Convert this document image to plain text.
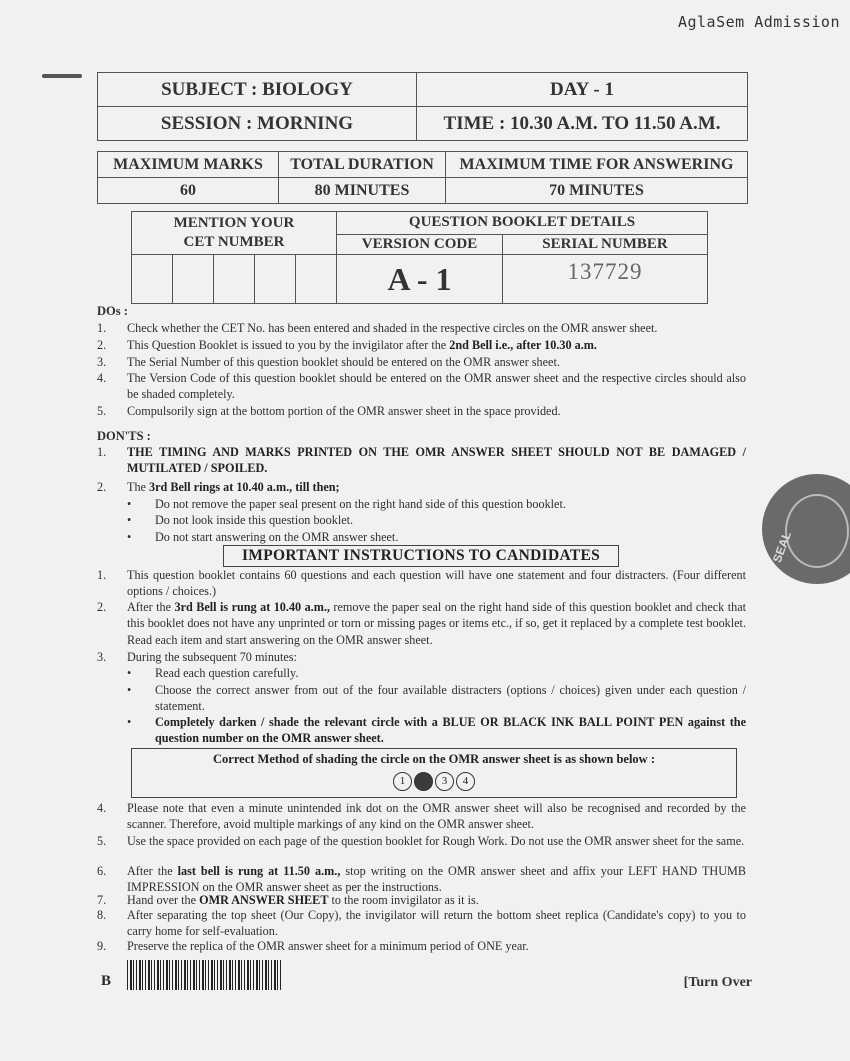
AglaSem Admission
SUBJECT : BIOLOGY	DAY - 1
SESSION : MORNING	TIME : 10.30 A.M. TO 11.50 A.M.
MAXIMUM MARKS	TOTAL DURATION	MAXIMUM TIME FOR ANSWERING
60	80 MINUTES	70 MINUTES
MENTION YOUR
CET NUMBER					QUESTION BOOKLET DETAILS	
					VERSION CODE	SERIAL NUMBER
					A - 1	137729
DOs :
1. Check whether the CET No. has been entered and shaded in the respective circles on the OMR answer sheet.
2. This Question Booklet is issued to you by the invigilator after the 2nd Bell i.e., after 10.30 a.m.
3. The Serial Number of this question booklet should be entered on the OMR answer sheet.
4. The Version Code of this question booklet should be entered on the OMR answer sheet and the respective circles should also be shaded completely.
5. Compulsorily sign at the bottom portion of the OMR answer sheet in the space provided.
DON'TS :
1. THE TIMING AND MARKS PRINTED ON THE OMR ANSWER SHEET SHOULD NOT BE DAMAGED / MUTILATED / SPOILED.
2. The 3rd Bell rings at 10.40 a.m., till then;
• Do not remove the paper seal present on the right hand side of this question booklet.
• Do not look inside this question booklet.
• Do not start answering on the OMR answer sheet.
IMPORTANT INSTRUCTIONS TO CANDIDATES
1. This question booklet contains 60 questions and each question will have one statement and four distracters. (Four different options / choices.)
2. After the 3rd Bell is rung at 10.40 a.m., remove the paper seal on the right hand side of this question booklet and check that this booklet does not have any unprinted or torn or missing pages or items etc., if so, get it replaced by a complete test booklet. Read each item and start answering on the OMR answer sheet.
3. During the subsequent 70 minutes:
• Read each question carefully.
• Choose the correct answer from out of the four available distracters (options / choices) given under each question / statement.
• Completely darken / shade the relevant circle with a BLUE OR BLACK INK BALL POINT PEN against the question number on the OMR answer sheet.
Correct Method of shading the circle on the OMR answer sheet is as shown below :
1	3 4
4. Please note that even a minute unintended ink dot on the OMR answer sheet will also be recognised and recorded by the scanner. Therefore, avoid multiple markings of any kind on the OMR answer sheet.
5. Use the space provided on each page of the question booklet for Rough Work. Do not use the OMR answer sheet for the same.
6. After the last bell is rung at 11.50 a.m., stop writing on the OMR answer sheet and affix your LEFT HAND THUMB IMPRESSION on the OMR answer sheet as per the instructions.
7. Hand over the OMR ANSWER SHEET to the room invigilator as it is.
8. After separating the top sheet (Our Copy), the invigilator will return the bottom sheet replica (Candidate's copy) to you to carry home for self-evaluation.
9. Preserve the replica of the OMR answer sheet for a minimum period of ONE year.
SEAL
B	[Turn Over
